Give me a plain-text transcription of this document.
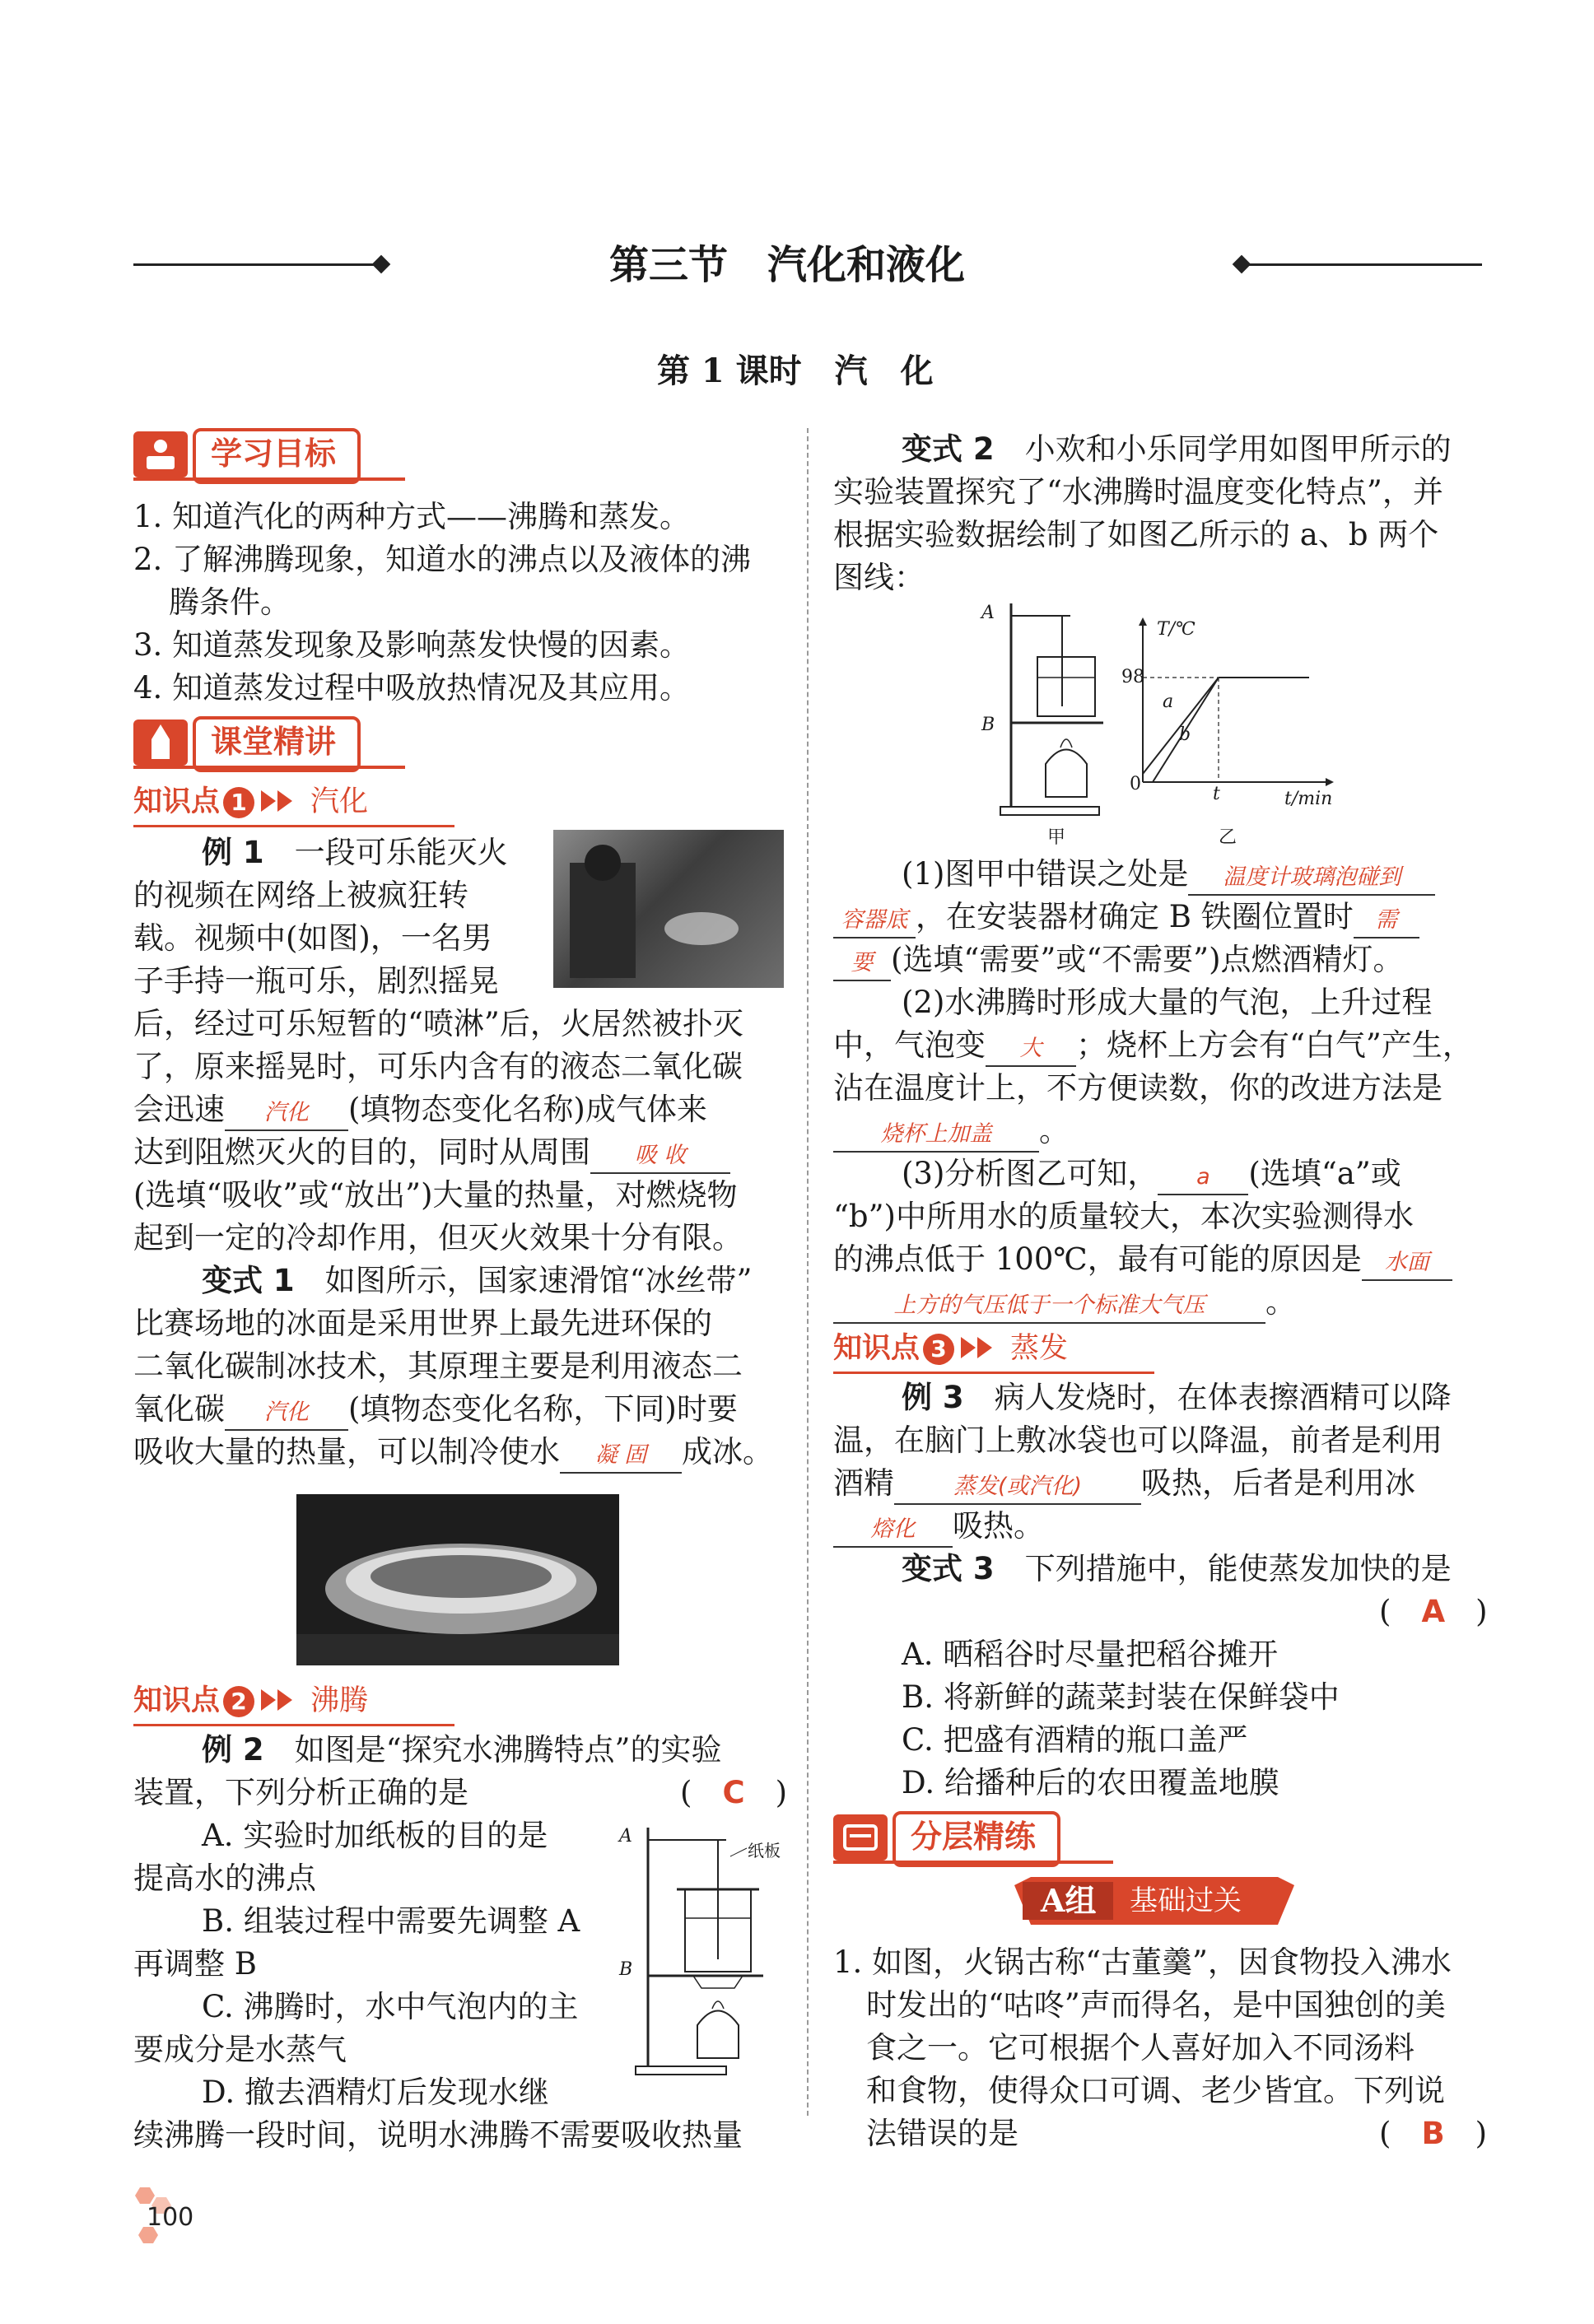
第三节　汽化和液化
第 1 课时　汽　化
学习目标
1. 知道汽化的两种方式——沸腾和蒸发。
2. 了解沸腾现象，知道水的沸点以及液体的沸
腾条件。
3. 知道蒸发现象及影响蒸发快慢的因素。
4. 知道蒸发过程中吸放热情况及其应用。
课堂精讲
知识点 1 汽化
例 1　一段可乐能灭火
的视频在网络上被疯狂转
载。视频中(如图)，一名男
子手持一瓶可乐，剧烈摇晃
后，经过可乐短暂的“喷淋”后，火居然被扑灭
了，原来摇晃时，可乐内含有的液态二氧化碳
会迅速 汽化 (填物态变化名称)成气体来
达到阻燃灭火的目的，同时从周围 吸 收
(选填“吸收”或“放出”)大量的热量，对燃烧物
起到一定的冷却作用，但灭火效果十分有限。
变式 1　如图所示，国家速滑馆“冰丝带”
比赛场地的冰面是采用世界上最先进环保的
二氧化碳制冰技术，其原理主要是利用液态二
氧化碳 汽化 (填物态变化名称，下同)时要
吸收大量的热量，可以制冷使水 凝 固 成冰。
知识点 2 沸腾
例 2　如图是“探究水沸腾特点”的实验
装置，下列分析正确的是	(　C　)
A. 实验时加纸板的目的是
提高水的沸点
B. 组装过程中需要先调整 A
再调整 B
C. 沸腾时，水中气泡内的主
要成分是水蒸气
D. 撤去酒精灯后发现水继
续沸腾一段时间，说明水沸腾不需要吸收热量
纸板
A
B
变式 2　小欢和小乐同学用如图甲所示的
实验装置探究了“水沸腾时温度变化特点”，并
根据实验数据绘制了如图乙所示的 a、b 两个
图线：
A
B
甲
T/℃
98
0	t	t/min
a
b
乙
(1)图甲中错误之处是 温度计玻璃泡碰到
容器底 ，在安装器材确定 B 铁圈位置时 需
要 (选填“需要”或“不需要”)点燃酒精灯。
(2)水沸腾时形成大量的气泡，上升过程
中，气泡变 大 ；烧杯上方会有“白气”产生，
沾在温度计上，不方便读数，你的改进方法是
烧杯上加盖 。
(3)分析图乙可知， a (选填“a”或
“b”)中所用水的质量较大，本次实验测得水
的沸点低于 100℃，最有可能的原因是 水面
上方的气压低于一个标准大气压 。
知识点 3 蒸发
例 3　病人发烧时，在体表擦酒精可以降
温，在脑门上敷冰袋也可以降温，前者是利用
酒精	蒸发(或汽化) 吸热，后者是利用冰
熔化 吸热。
变式 3　下列措施中，能使蒸发加快的是
(　A　)
A. 晒稻谷时尽量把稻谷摊开
B. 将新鲜的蔬菜封装在保鲜袋中
C. 把盛有酒精的瓶口盖严
D. 给播种后的农田覆盖地膜
分层精练
A组 基础过关
1. 如图，火锅古称“古董羹”，因食物投入沸水
时发出的“咕咚”声而得名，是中国独创的美
食之一。它可根据个人喜好加入不同汤料
和食物，使得众口可调、老少皆宜。下列说
法错误的是	(　B　)
100
